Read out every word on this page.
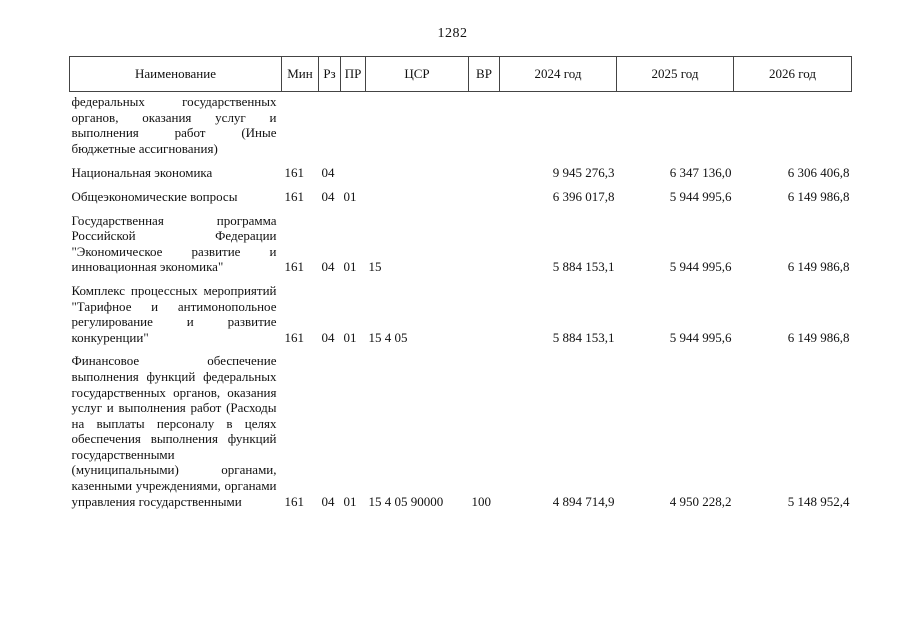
1282
Наименование	Мин	Рз	ПР	ЦСР	ВР	2024 год	2025 год	2026 год
федеральных государственных органов, оказания услуг и выполнения работ (Иные бюджетные ассигнования)								
Национальная экономика	161	04				9 945 276,3	6 347 136,0	6 306 406,8
Общеэкономические вопросы	161	04	01			6 396 017,8	5 944 995,6	6 149 986,8
Государственная программа Российской Федерации "Экономическое развитие и инновационная экономика"	161	04	01	15		5 884 153,1	5 944 995,6	6 149 986,8
Комплекс процессных мероприятий "Тарифное и антимонопольное регулирование и развитие конкуренции"	161	04	01	15 4 05		5 884 153,1	5 944 995,6	6 149 986,8
Финансовое обеспечение выполнения функций федеральных государственных органов, оказания услуг и выполнения работ (Расходы на выплаты персоналу в целях обеспечения выполнения функций государственными (муниципальными) органами, казенными учреждениями, органами управления государственными	161	04	01	15 4 05 90000	100	4 894 714,9	4 950 228,2	5 148 952,4
